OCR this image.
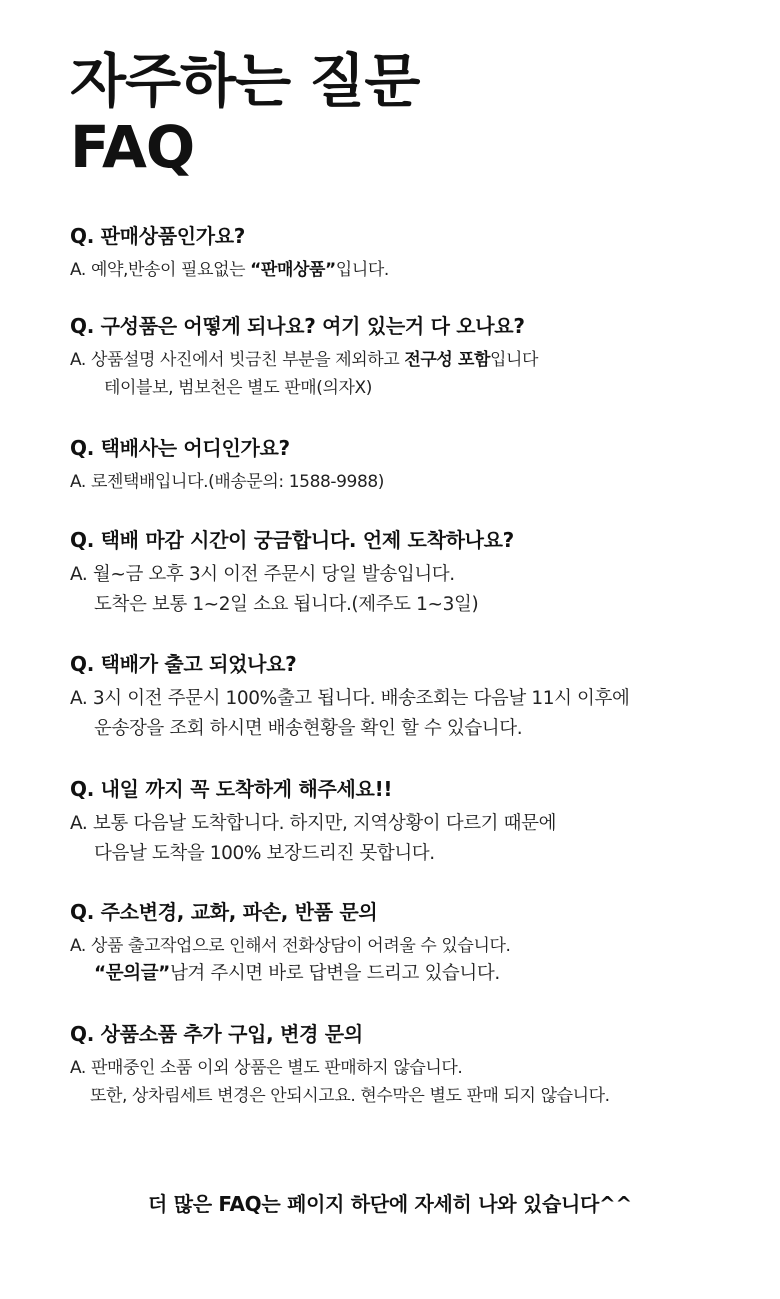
자주하는 질문
FAQ

Q. 판매상품인가요?

A. 예약,반송이 필요없는 “판매상품”입니다.

Q. 구성품은 어떻게 되나요? 여기 있는거 다 오나요?

A. 상품설명 사진에서 빗금친 부분을 제외하고 전구성 포함입니다
테이블보, 범보천은 별도 판매(의자X)

Q. 택배사는 어디인가요?

A. 로젠택배입니다.(배송문의: 1588-9988)

Q. 택배 마감 시간이 궁금합니다. 언제 도착하나요?

A. 월~금 오후 3시 이전 주문시 당일 발송입니다.
도착은 보통 1~2일 소요 됩니다.(제주도 1~3일)

Q. 택배가 출고 되었나요?

A. 3시 이전 주문시 100%출고 됩니다. 배송조회는 다음날 11시 이후에
운송장을 조회 하시면 배송현황을 확인 할 수 있습니다.

Q. 내일 까지 꼭 도착하게 해주세요!!

A. 보통 다음날 도착합니다. 하지만, 지역상황이 다르기 때문에
다음날 도착을 100% 보장드리진 못합니다.

Q. 주소변경, 교화, 파손, 반품 문의

A. 상품 출고작업으로 인해서 전화상담이 어려울 수 있습니다.
“문의글”남겨 주시면 바로 답변을 드리고 있습니다.

Q. 상품소품 추가 구입, 변경 문의

A. 판매중인 소품 이외 상품은 별도 판매하지 않습니다.
또한, 상차림세트 변경은 안되시고요. 현수막은 별도 판매 되지 않습니다.

더 많은 FAQ는 페이지 하단에 자세히 나와 있습니다^^
